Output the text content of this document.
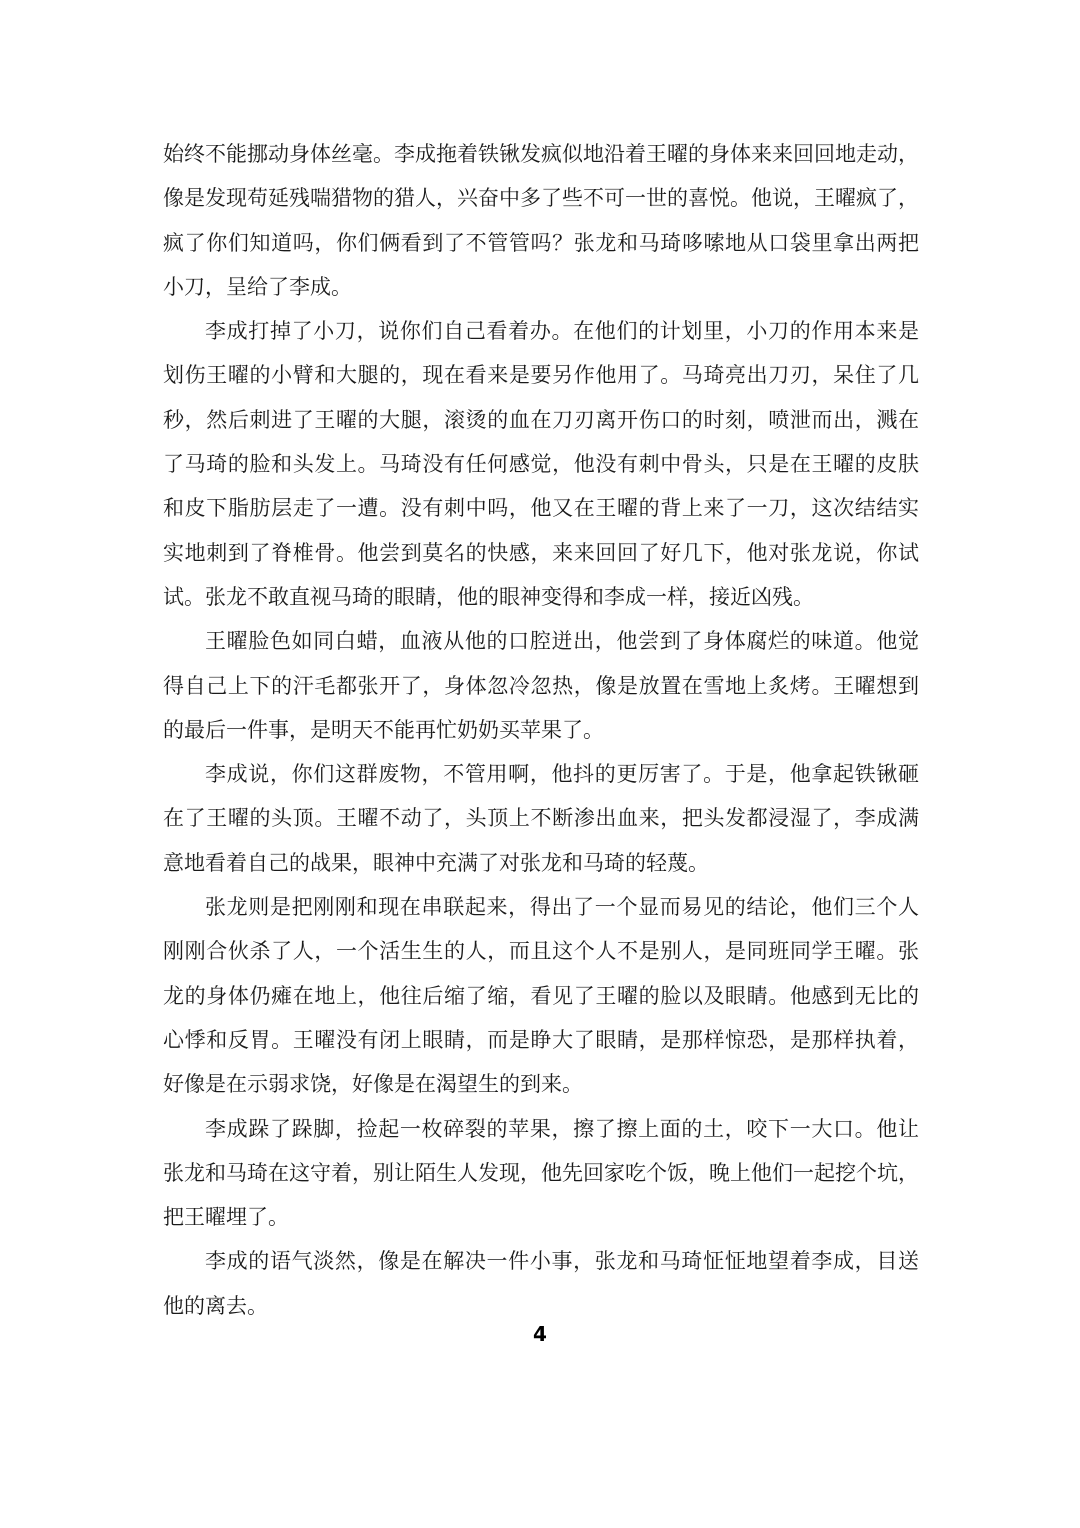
始终不能挪动身体丝毫。李成拖着铁锹发疯似地沿着王曜的身体来来回回地走动，
像是发现苟延残喘猎物的猎人，兴奋中多了些不可一世的喜悦。他说，王曜疯了，
疯了你们知道吗，你们俩看到了不管管吗？张龙和马琦哆嗦地从口袋里拿出两把
小刀，呈给了李成。
李成打掉了小刀，说你们自己看着办。在他们的计划里，小刀的作用本来是
划伤王曜的小臂和大腿的，现在看来是要另作他用了。马琦亮出刀刃，呆住了几
秒，然后刺进了王曜的大腿，滚烫的血在刀刃离开伤口的时刻，喷泄而出，溅在
了马琦的脸和头发上。马琦没有任何感觉，他没有刺中骨头，只是在王曜的皮肤
和皮下脂肪层走了一遭。没有刺中吗，他又在王曜的背上来了一刀，这次结结实
实地刺到了脊椎骨。他尝到莫名的快感，来来回回了好几下，他对张龙说，你试
试。张龙不敢直视马琦的眼睛，他的眼神变得和李成一样，接近凶残。
王曜脸色如同白蜡，血液从他的口腔迸出，他尝到了身体腐烂的味道。他觉
得自己上下的汗毛都张开了，身体忽冷忽热，像是放置在雪地上炙烤。王曜想到
的最后一件事，是明天不能再忙奶奶买苹果了。
李成说，你们这群废物，不管用啊，他抖的更厉害了。于是，他拿起铁锹砸
在了王曜的头顶。王曜不动了，头顶上不断渗出血来，把头发都浸湿了，李成满
意地看着自己的战果，眼神中充满了对张龙和马琦的轻蔑。
张龙则是把刚刚和现在串联起来，得出了一个显而易见的结论，他们三个人
刚刚合伙杀了人，一个活生生的人，而且这个人不是别人，是同班同学王曜。张
龙的身体仍瘫在地上，他往后缩了缩，看见了王曜的脸以及眼睛。他感到无比的
心悸和反胃。王曜没有闭上眼睛，而是睁大了眼睛，是那样惊恐，是那样执着，
好像是在示弱求饶，好像是在渴望生的到来。
李成跺了跺脚，捡起一枚碎裂的苹果，擦了擦上面的土，咬下一大口。他让
张龙和马琦在这守着，别让陌生人发现，他先回家吃个饭，晚上他们一起挖个坑，
把王曜埋了。
李成的语气淡然，像是在解决一件小事，张龙和马琦怔怔地望着李成，目送
他的离去。
4
